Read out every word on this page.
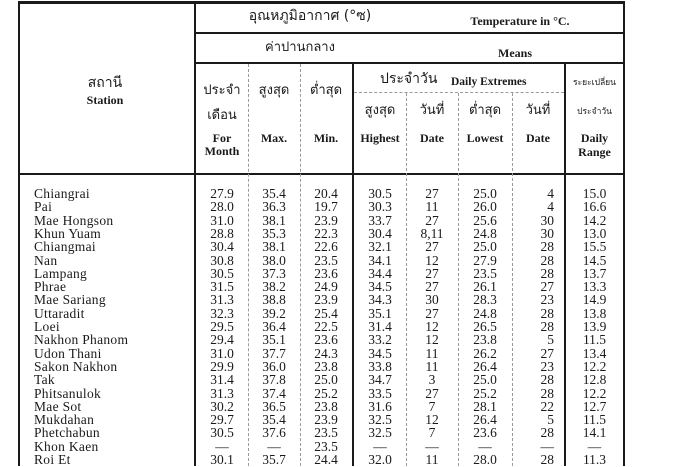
อุณหภูมิอากาศ (°ซ)	Temperature in °C.
ค่าปานกลาง	Means
สถานี
Station
ประจำ
เดือน
For
Month
สูงสุด
Max.
ต่ำสุด
Min.
ประจำวัน Daily Extremes
สูงสุด
Highest
วันที่
Date
ต่ำสุด
Lowest
วันที่
Date
ระยะเปลี่ยน
ประจำวัน
Daily
Range
Chiangrai	27.9	35.4	20.4	30.5	27	25.0	4	15.0
Pai	28.0	36.3	19.7	30.3	11	26.0	4	16.6
Mae Hongson	31.0	38.1	23.9	33.7	27	25.6	30	14.2
Khun Yuam	28.8	35.3	22.3	30.4	8,11	24.8	30	13.0
Chiangmai	30.4	38.1	22.6	32.1	27	25.0	28	15.5
Nan	30.8	38.0	23.5	34.1	12	27.9	28	14.5
Lampang	30.5	37.3	23.6	34.4	27	23.5	28	13.7
Phrae	31.5	38.2	24.9	34.5	27	26.1	27	13.3
Mae Sariang	31.3	38.8	23.9	34.3	30	28.3	23	14.9
Uttaradit	32.3	39.2	25.4	35.1	27	24.8	28	13.8
Loei	29.5	36.4	22.5	31.4	12	26.5	28	13.9
Nakhon Phanom	29.4	35.1	23.6	33.2	12	23.8	5	11.5
Udon Thani	31.0	37.7	24.3	34.5	11	26.2	27	13.4
Sakon Nakhon	29.9	36.0	23.8	33.8	11	26.4	23	12.2
Tak	31.4	37.8	25.0	34.7	3	25.0	28	12.8
Phitsanulok	31.3	37.4	25.2	33.5	27	25.2	28	12.2
Mae Sot	30.2	36.5	23.8	31.6	7	28.1	22	12.7
Mukdahan	29.7	35.4	23.9	32.5	12	26.4	5	11.5
Phetchabun	30.5	37.6	23.5	32.5	7	23.6	28	14.1
Khon Kaen	—	—	23.5	—	—	—	—	—
Roi Et	30.1	35.7	24.4	32.0	11	28.0	28	11.3
